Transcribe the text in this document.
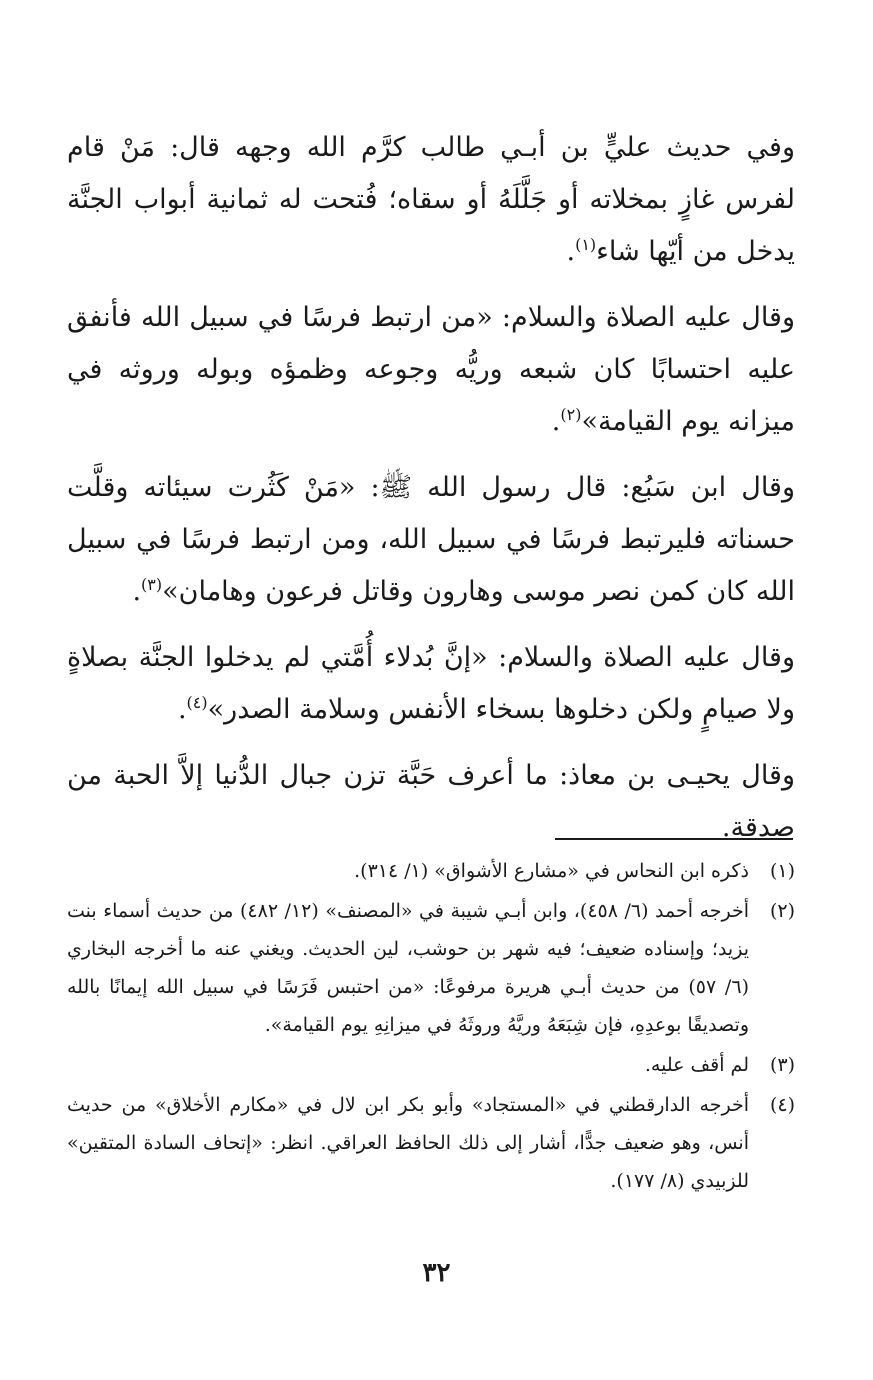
وفي حديث عليٍّ بن أبـي طالب كرَّم الله وجهه قال: مَنْ قام لفرس غازٍ بمخلاته أو جَلَّلَهُ أو سقاه؛ فُتحت له ثمانية أبواب الجنَّة يدخل من أيّها شاء$^{(١)}$.

وقال عليه الصلاة والسلام: «من ارتبط فرسًا في سبيل الله فأنفق عليه احتسابًا كان شبعه وريُّه وجوعه وظمؤه وبوله وروثه في ميزانه يوم القيامة»$^{(٢)}$.

وقال ابن سَبُع: قال رسول الله ﷺ: «مَنْ كَثُرت سيئاته وقلَّت حسناته فليرتبط فرسًا في سبيل الله، ومن ارتبط فرسًا في سبيل الله كان كمن نصر موسى وهارون وقاتل فرعون وهامان»$^{(٣)}$.

وقال عليه الصلاة والسلام: «إنَّ بُدلاء أُمَّتي لم يدخلوا الجنَّة بصلاةٍ ولا صيامٍ ولكن دخلوها بسخاء الأنفس وسلامة الصدر»$^{(٤)}$.

وقال يحيـى بن معاذ: ما أعرف حَبَّة تزن جبال الدُّنيا إلاَّ الحبة من صدقة.

(١)
ذكره ابن النحاس في «مشارع الأشواق» (١/ ٣١٤).
(٢)
أخرجه أحمد (٦/ ٤٥٨)، وابن أبـي شيبة في «المصنف» (١٢/ ٤٨٢) من حديث أسماء بنت يزيد؛ وإسناده ضعيف؛ فيه شهر بن حوشب، لين الحديث. ويغني عنه ما أخرجه البخاري (٦/ ٥٧) من حديث أبـي هريرة مرفوعًا: «من احتبس فَرَسًا في سبيل الله إيمانًا بالله وتصديقًا بوعدِهِ، فإن شِبَعَهُ وريَّهُ وروثَهُ في ميزانِهِ يوم القيامة».
(٣)
لم أقف عليه.
(٤)
أخرجه الدارقطني في «المستجاد» وأبو بكر ابن لال في «مكارم الأخلاق» من حديث أنس، وهو ضعيف جدًّا، أشار إلى ذلك الحافظ العراقي. انظر: «إتحاف السادة المتقين» للزبيدي (٨/ ١٧٧).
٣٢
